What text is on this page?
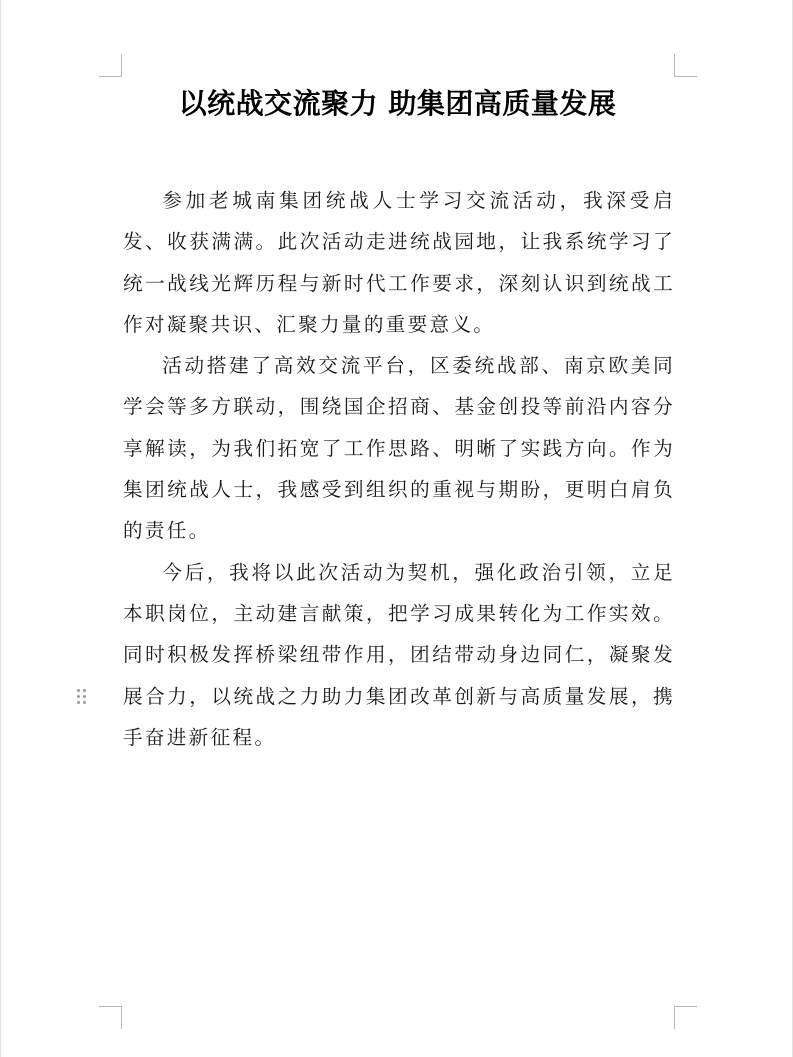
以统战交流聚力 助集团高质量发展

参加老城南集团统战人士学习交流活动，我深受启发、收获满满。此次活动走进统战园地，让我系统学习了统一战线光辉历程与新时代工作要求，深刻认识到统战工作对凝聚共识、汇聚力量的重要意义。

活动搭建了高效交流平台，区委统战部、南京欧美同学会等多方联动，围绕国企招商、基金创投等前沿内容分享解读，为我们拓宽了工作思路、明晰了实践方向。作为集团统战人士，我感受到组织的重视与期盼，更明白肩负的责任。

今后，我将以此次活动为契机，强化政治引领，立足本职岗位，主动建言献策，把学习成果转化为工作实效。同时积极发挥桥梁纽带作用，团结带动身边同仁，凝聚发展合力，以统战之力助力集团改革创新与高质量发展，携手奋进新征程。
